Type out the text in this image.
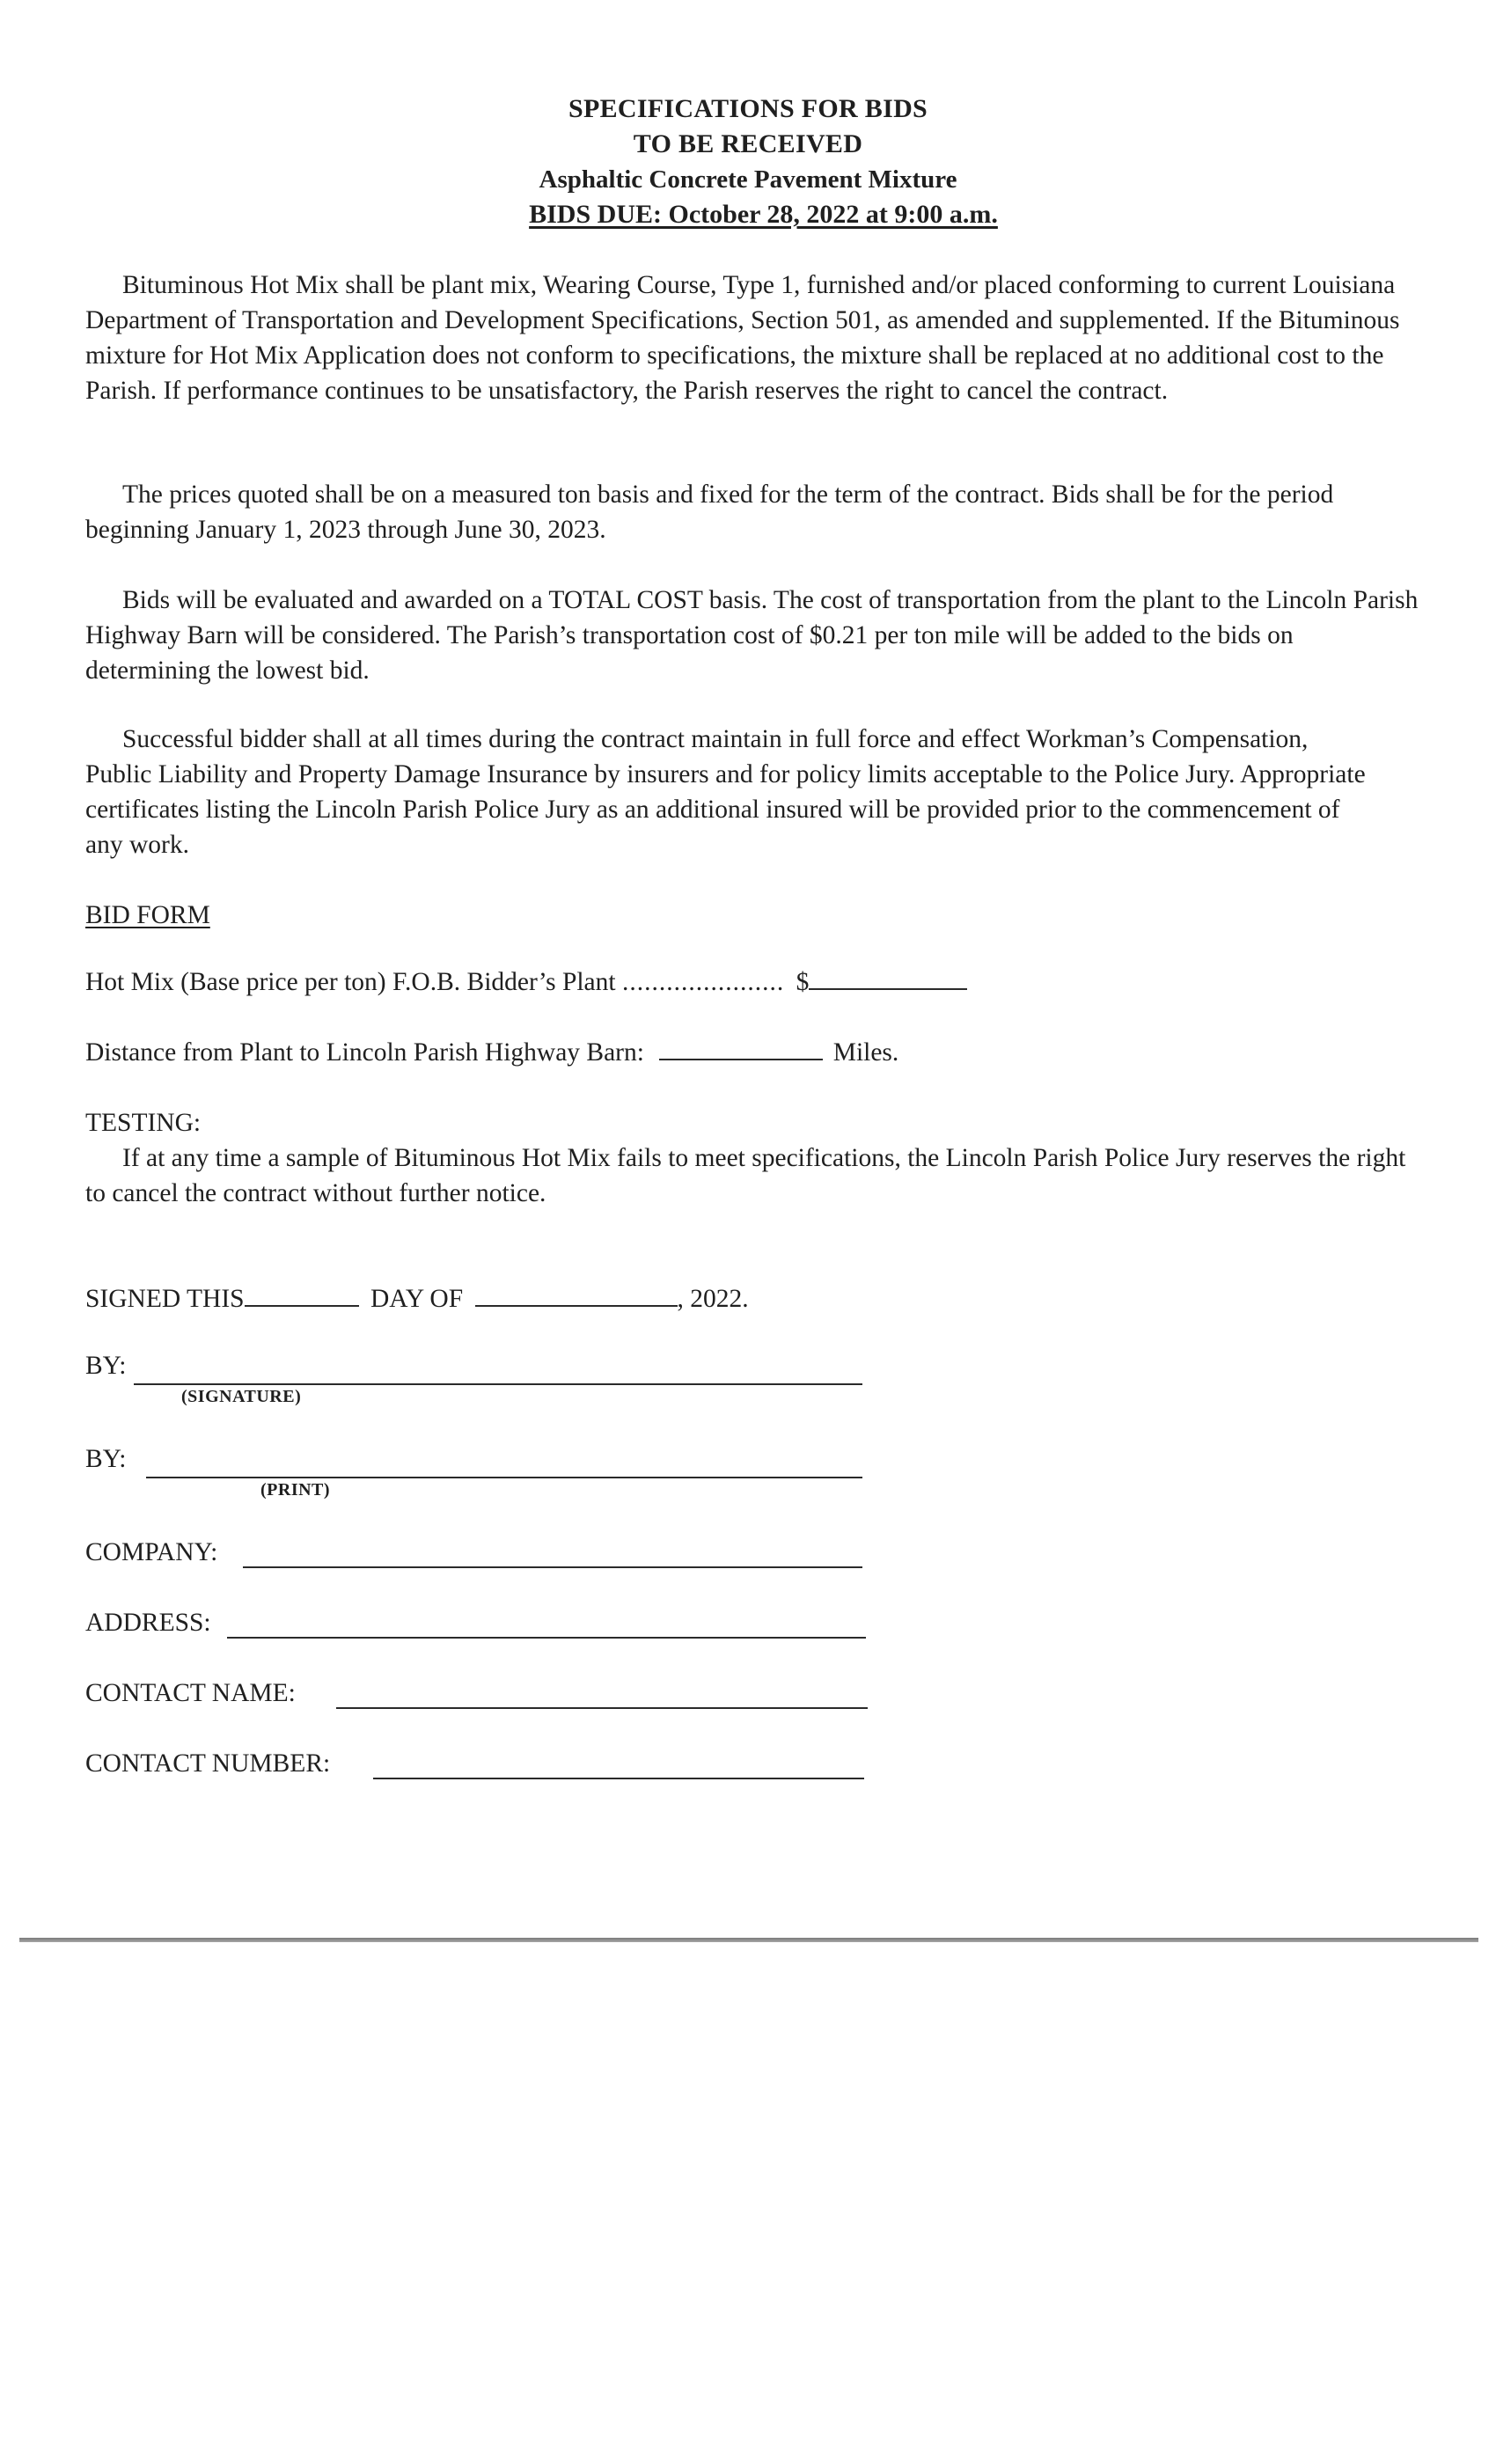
SPECIFICATIONS FOR BIDS
TO BE RECEIVED
Asphaltic Concrete Pavement Mixture
BIDS DUE: October 28, 2022 at 9:00 a.m.

Bituminous Hot Mix shall be plant mix, Wearing Course, Type 1, furnished and/or placed conforming to current Louisiana Department of Transportation and Development Specifications, Section 501, as amended and supplemented. If the Bituminous mixture for Hot Mix Application does not conform to specifications, the mixture shall be replaced at no additional cost to the Parish. If performance continues to be unsatisfactory, the Parish reserves the right to cancel the contract.

The prices quoted shall be on a measured ton basis and fixed for the term of the contract. Bids shall be for the period beginning January 1, 2023 through June 30, 2023.

Bids will be evaluated and awarded on a TOTAL COST basis. The cost of transportation from the plant to the Lincoln Parish Highway Barn will be considered. The Parish’s transportation cost of $0.21 per ton mile will be added to the bids on determining the lowest bid.

Successful bidder shall at all times during the contract maintain in full force and effect Workman’s Compensation, Public Liability and Property Damage Insurance by insurers and for policy limits acceptable to the Police Jury. Appropriate certificates listing the Lincoln Parish Police Jury as an additional insured will be provided prior to the commencement of any work.

BID FORM
Hot Mix (Base price per ton) F.O.B. Bidder’s Plant ...................... $
Distance from Plant to Lincoln Parish Highway Barn:	Miles.
TESTING:

If at any time a sample of Bituminous Hot Mix fails to meet specifications, the Lincoln Parish Police Jury reserves the right to cancel the contract without further notice.

SIGNED THIS	DAY OF	, 2022.
BY:
(SIGNATURE)
BY:
(PRINT)
COMPANY:
ADDRESS:
CONTACT NAME:
CONTACT NUMBER:
